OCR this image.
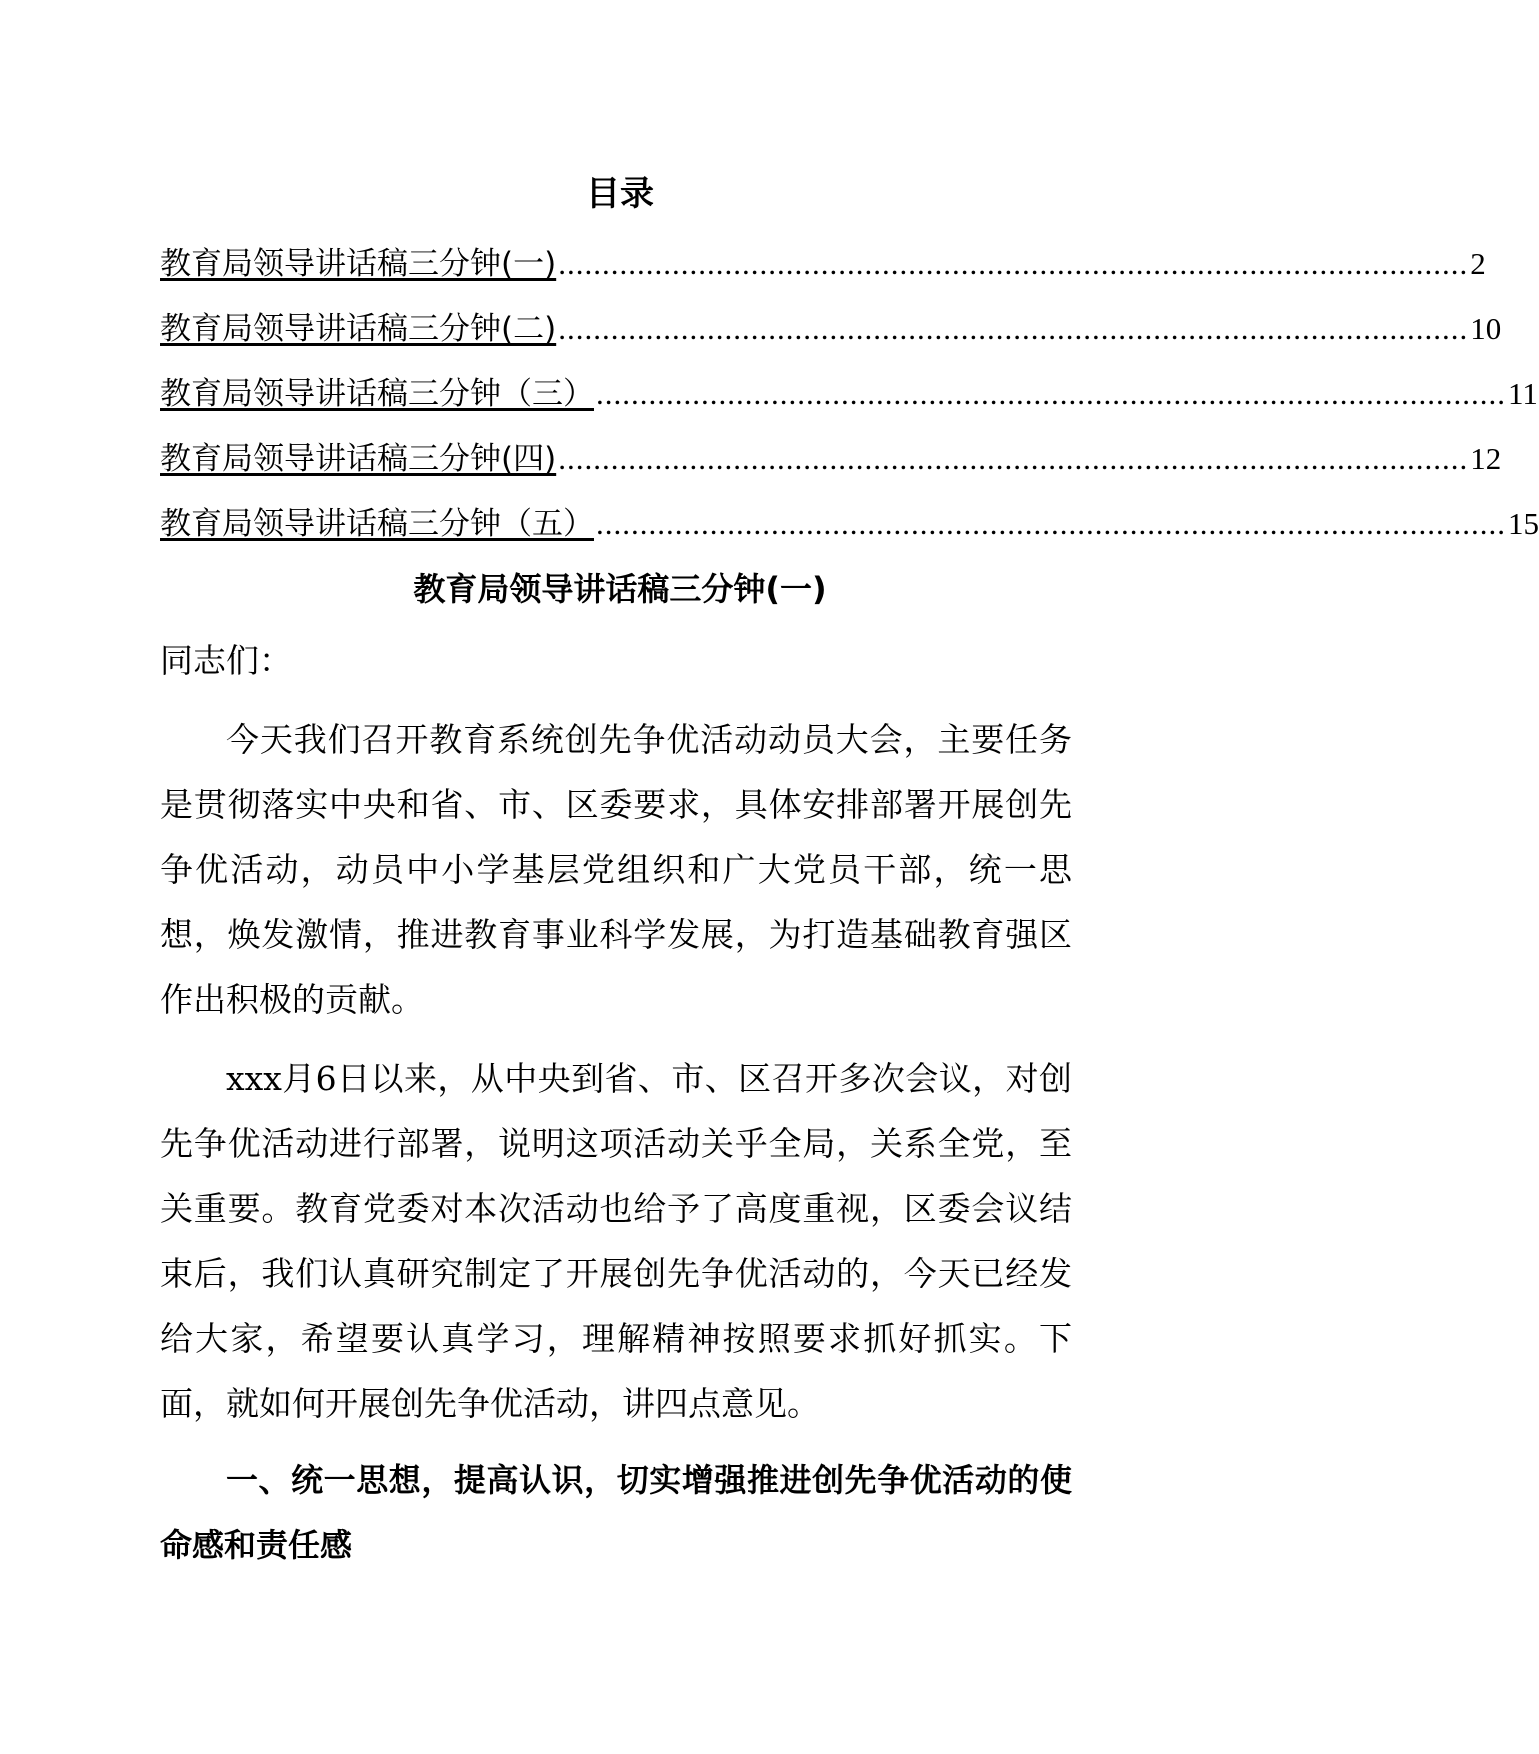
目录
教育局领导讲话稿三分钟(一) ........................................................................................................ 2
教育局领导讲话稿三分钟(二) ........................................................................................................ 10
教育局领导讲话稿三分钟（三） ........................................................................................................ 11
教育局领导讲话稿三分钟(四) ........................................................................................................ 12
教育局领导讲话稿三分钟（五） ........................................................................................................ 15
教育局领导讲话稿三分钟(一)

同志们：

今天我们召开教育系统创先争优活动动员大会，主要任务是贯彻落实中央和省、市、区委要求，具体安排部署开展创先争优活动，动员中小学基层党组织和广大党员干部，统一思想，焕发激情，推进教育事业科学发展，为打造基础教育强区作出积极的贡献。

xxx月6日以来，从中央到省、市、区召开多次会议，对创先争优活动进行部署，说明这项活动关乎全局，关系全党，至关重要。教育党委对本次活动也给予了高度重视，区委会议结束后，我们认真研究制定了开展创先争优活动的，今天已经发给大家，希望要认真学习，理解精神按照要求抓好抓实。下面，就如何开展创先争优活动，讲四点意见。

一、统一思想，提高认识，切实增强推进创先争优活动的使命感和责任感
